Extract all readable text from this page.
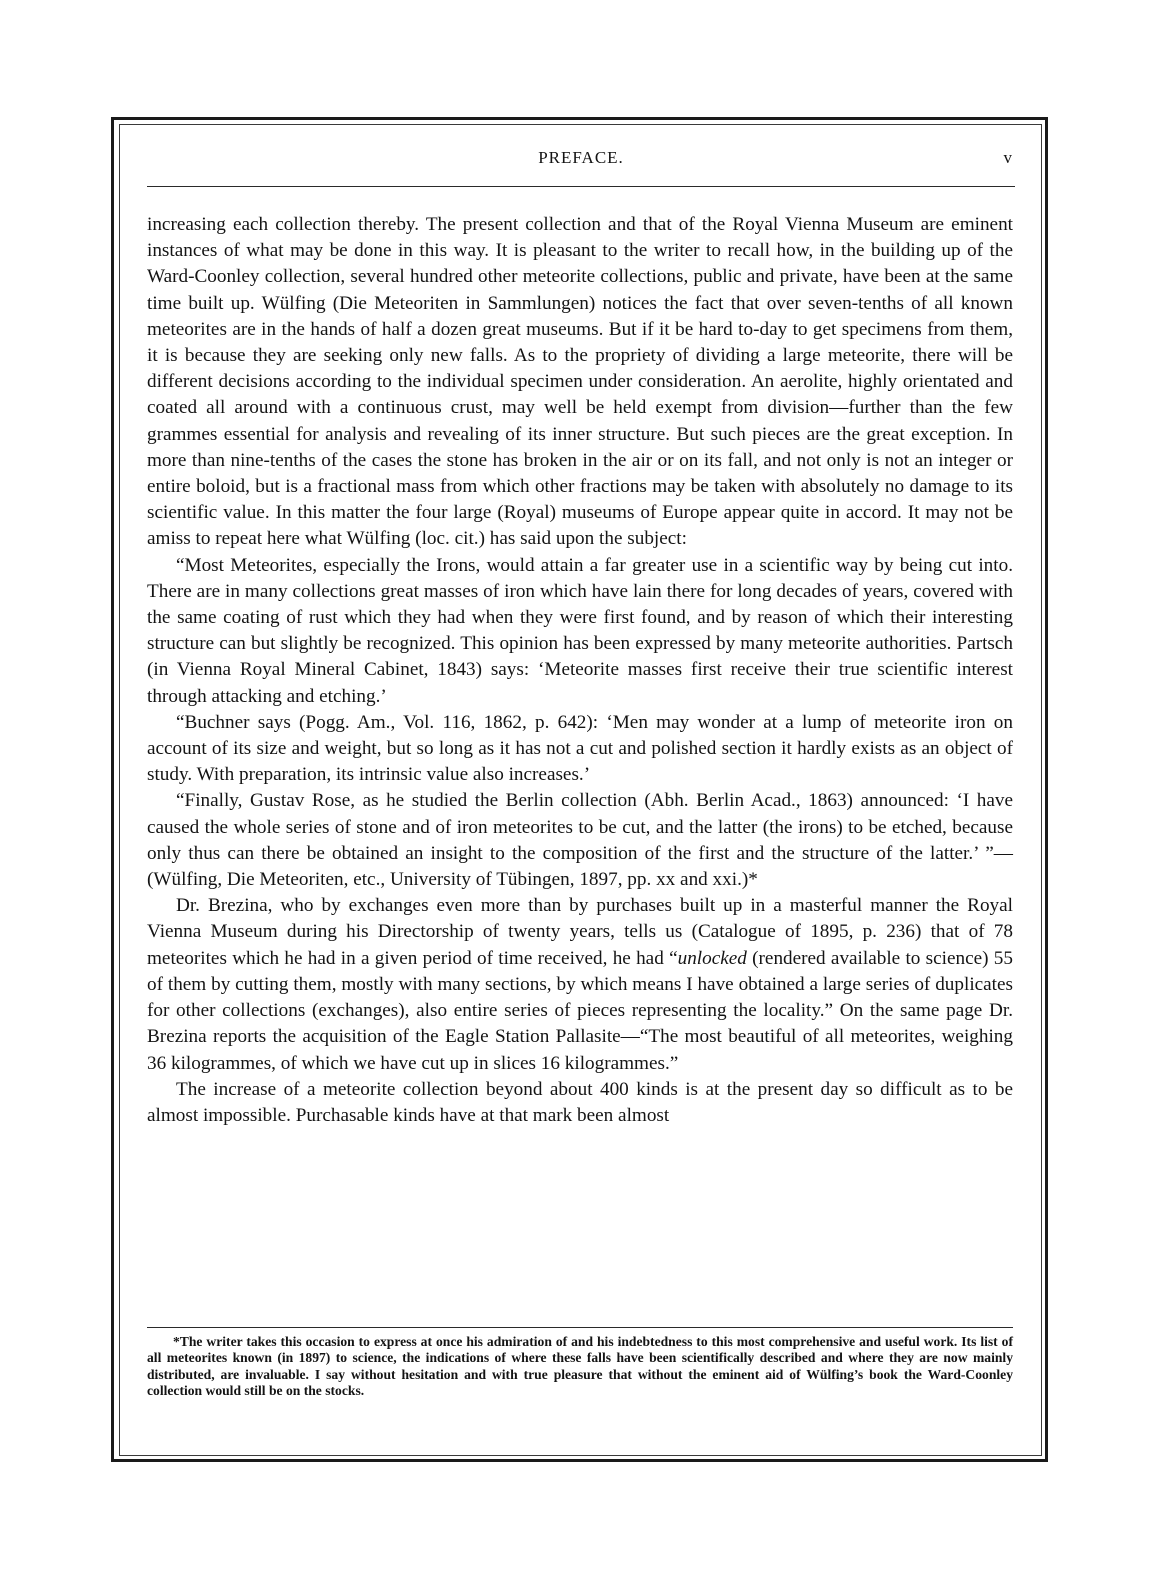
PREFACE.	v

increasing each collection thereby. The present collection and that of the Royal Vienna Museum are eminent instances of what may be done in this way. It is pleasant to the writer to recall how, in the building up of the Ward-Coonley collection, several hundred other meteorite collections, public and private, have been at the same time built up. Wülfing (Die Meteoriten in Sammlungen) notices the fact that over seven-tenths of all known meteorites are in the hands of half a dozen great museums. But if it be hard to-day to get specimens from them, it is because they are seeking only new falls. As to the propriety of dividing a large meteorite, there will be different decisions according to the individual specimen under consideration. An aerolite, highly orientated and coated all around with a continuous crust, may well be held exempt from division—further than the few grammes essential for analysis and revealing of its inner structure. But such pieces are the great exception. In more than nine-tenths of the cases the stone has broken in the air or on its fall, and not only is not an integer or entire boloid, but is a fractional mass from which other fractions may be taken with absolutely no damage to its scientific value. In this matter the four large (Royal) museums of Europe appear quite in accord. It may not be amiss to repeat here what Wülfing (loc. cit.) has said upon the subject:

“Most Meteorites, especially the Irons, would attain a far greater use in a scientific way by being cut into. There are in many collections great masses of iron which have lain there for long decades of years, covered with the same coating of rust which they had when they were first found, and by reason of which their interesting structure can but slightly be recognized. This opinion has been expressed by many meteorite authorities. Partsch (in Vienna Royal Mineral Cabinet, 1843) says: ‘Meteorite masses first receive their true scientific interest through attacking and etching.’

“Buchner says (Pogg. Am., Vol. 116, 1862, p. 642): ‘Men may wonder at a lump of meteorite iron on account of its size and weight, but so long as it has not a cut and polished section it hardly exists as an object of study. With preparation, its intrinsic value also increases.’

“Finally, Gustav Rose, as he studied the Berlin collection (Abh. Berlin Acad., 1863) announced: ‘I have caused the whole series of stone and of iron meteorites to be cut, and the latter (the irons) to be etched, because only thus can there be obtained an insight to the composition of the first and the structure of the latter.’ ”—(Wülfing, Die Meteoriten, etc., University of Tübingen, 1897, pp. xx and xxi.)*

Dr. Brezina, who by exchanges even more than by purchases built up in a masterful manner the Royal Vienna Museum during his Directorship of twenty years, tells us (Catalogue of 1895, p. 236) that of 78 meteorites which he had in a given period of time received, he had “unlocked (rendered available to science) 55 of them by cutting them, mostly with many sections, by which means I have obtained a large series of duplicates for other collections (exchanges), also entire series of pieces representing the locality.” On the same page Dr. Brezina reports the acquisition of the Eagle Station Pallasite—“The most beautiful of all meteorites, weighing 36 kilogrammes, of which we have cut up in slices 16 kilogrammes.”

The increase of a meteorite collection beyond about 400 kinds is at the present day so difficult as to be almost impossible. Purchasable kinds have at that mark been almost

*The writer takes this occasion to express at once his admiration of and his indebtedness to this most comprehensive and useful work. Its list of all meteorites known (in 1897) to science, the indications of where these falls have been scientifically described and where they are now mainly distributed, are invaluable. I say without hesitation and with true pleasure that without the eminent aid of Wülfing’s book the Ward-Coonley collection would still be on the stocks.
